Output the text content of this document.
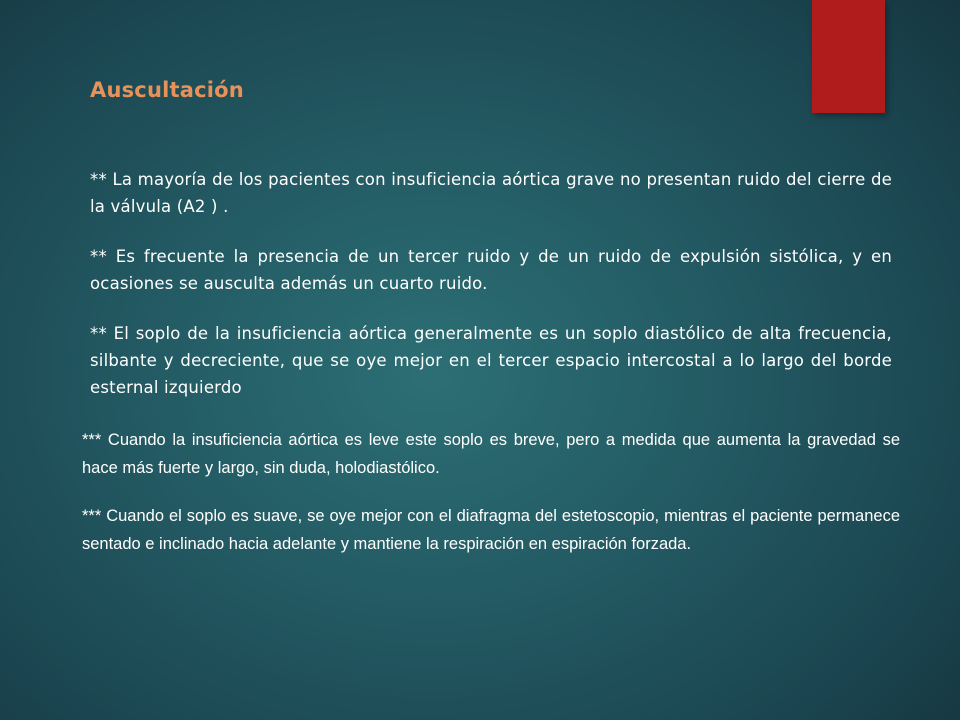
Auscultación

** La mayoría de los pacientes con insuficiencia aórtica grave no presentan ruido del cierre de la válvula (A2 ) .

** Es frecuente la presencia de un tercer ruido y de un ruido de expulsión sistólica, y en ocasiones se ausculta además un cuarto ruido.

** El soplo de la insuficiencia aórtica generalmente es un soplo diastólico de alta frecuencia, silbante y decreciente, que se oye mejor en el tercer espacio intercostal a lo largo del borde esternal izquierdo

*** Cuando la insuficiencia aórtica es leve este soplo es breve, pero a medida que aumenta la gravedad se hace más fuerte y largo, sin duda, holodiastólico.

*** Cuando el soplo es suave, se oye mejor con el diafragma del estetoscopio, mientras el paciente permanece sentado e inclinado hacia adelante y mantiene la respiración en espiración forzada.
